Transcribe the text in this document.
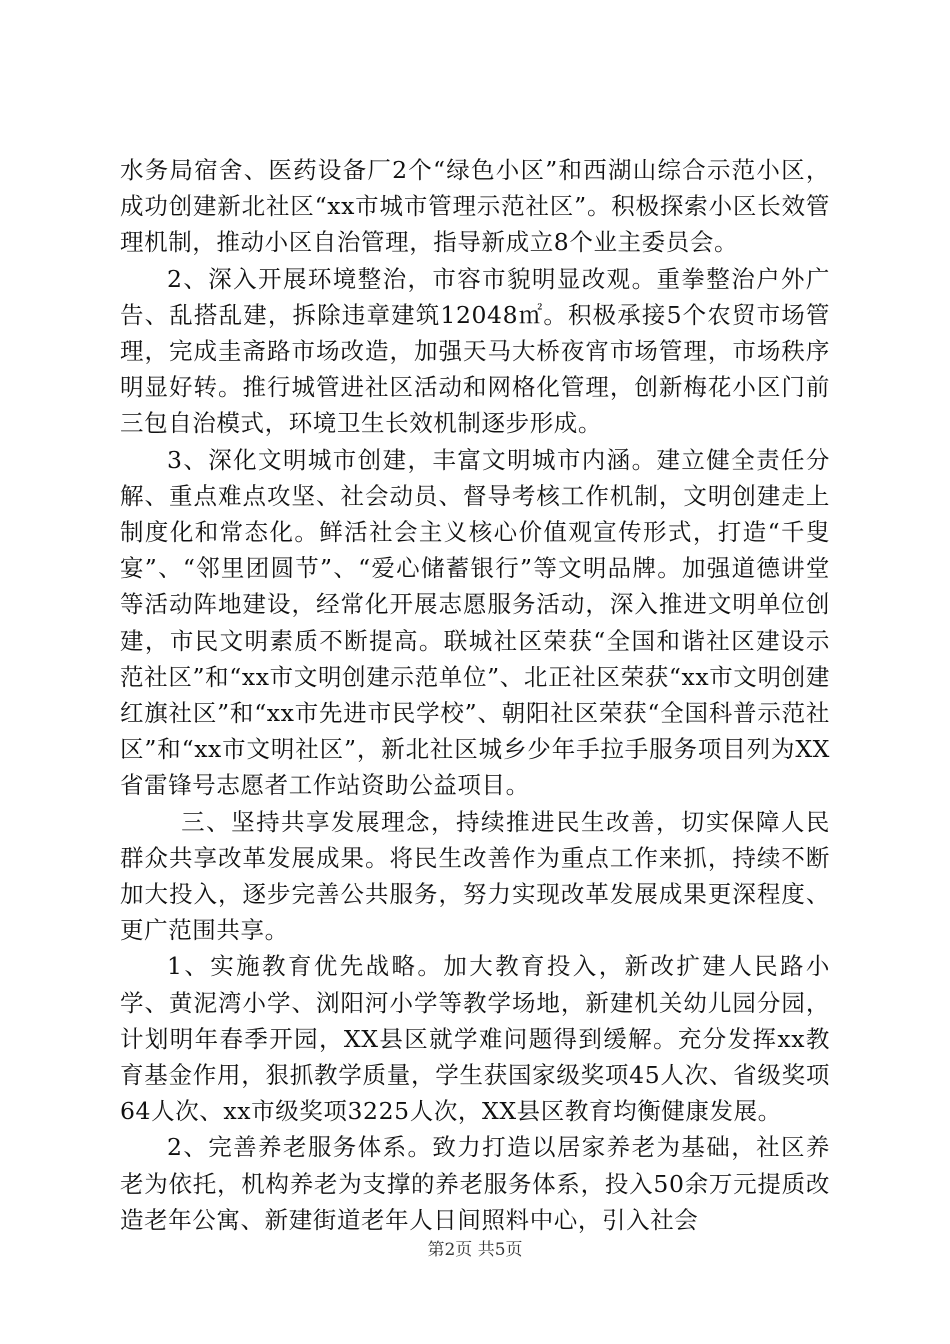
水务局宿舍、医药设备厂2个“绿色小区”和西湖山综合示范小区，成功创建新北社区“xx市城市管理示范社区”。积极探索小区长效管理机制，推动小区自治管理，指导新成立8个业主委员会。

2、深入开展环境整治，市容市貌明显改观。重拳整治户外广告、乱搭乱建，拆除违章建筑12048㎡。积极承接5个农贸市场管理，完成圭斋路市场改造，加强天马大桥夜宵市场管理，市场秩序明显好转。推行城管进社区活动和网格化管理，创新梅花小区门前三包自治模式，环境卫生长效机制逐步形成。

3、深化文明城市创建，丰富文明城市内涵。建立健全责任分解、重点难点攻坚、社会动员、督导考核工作机制，文明创建走上制度化和常态化。鲜活社会主义核心价值观宣传形式，打造“千叟宴”、“邻里团圆节”、“爱心储蓄银行”等文明品牌。加强道德讲堂等活动阵地建设，经常化开展志愿服务活动，深入推进文明单位创建，市民文明素质不断提高。联城社区荣获“全国和谐社区建设示范社区”和“xx市文明创建示范单位”、北正社区荣获“xx市文明创建红旗社区”和“xx市先进市民学校”、朝阳社区荣获“全国科普示范社区”和“xx市文明社区”，新北社区城乡少年手拉手服务项目列为XX省雷锋号志愿者工作站资助公益项目。

三、坚持共享发展理念，持续推进民生改善，切实保障人民群众共享改革发展成果。将民生改善作为重点工作来抓，持续不断加大投入，逐步完善公共服务，努力实现改革发展成果更深程度、更广范围共享。

1、实施教育优先战略。加大教育投入，新改扩建人民路小学、黄泥湾小学、浏阳河小学等教学场地，新建机关幼儿园分园，计划明年春季开园，XX县区就学难问题得到缓解。充分发挥xx教育基金作用，狠抓教学质量，学生获国家级奖项45人次、省级奖项64人次、xx市级奖项3225人次，XX县区教育均衡健康发展。

2、完善养老服务体系。致力打造以居家养老为基础，社区养老为依托，机构养老为支撑的养老服务体系，投入50余万元提质改造老年公寓、新建街道老年人日间照料中心，引入社会

第2页 共5页
